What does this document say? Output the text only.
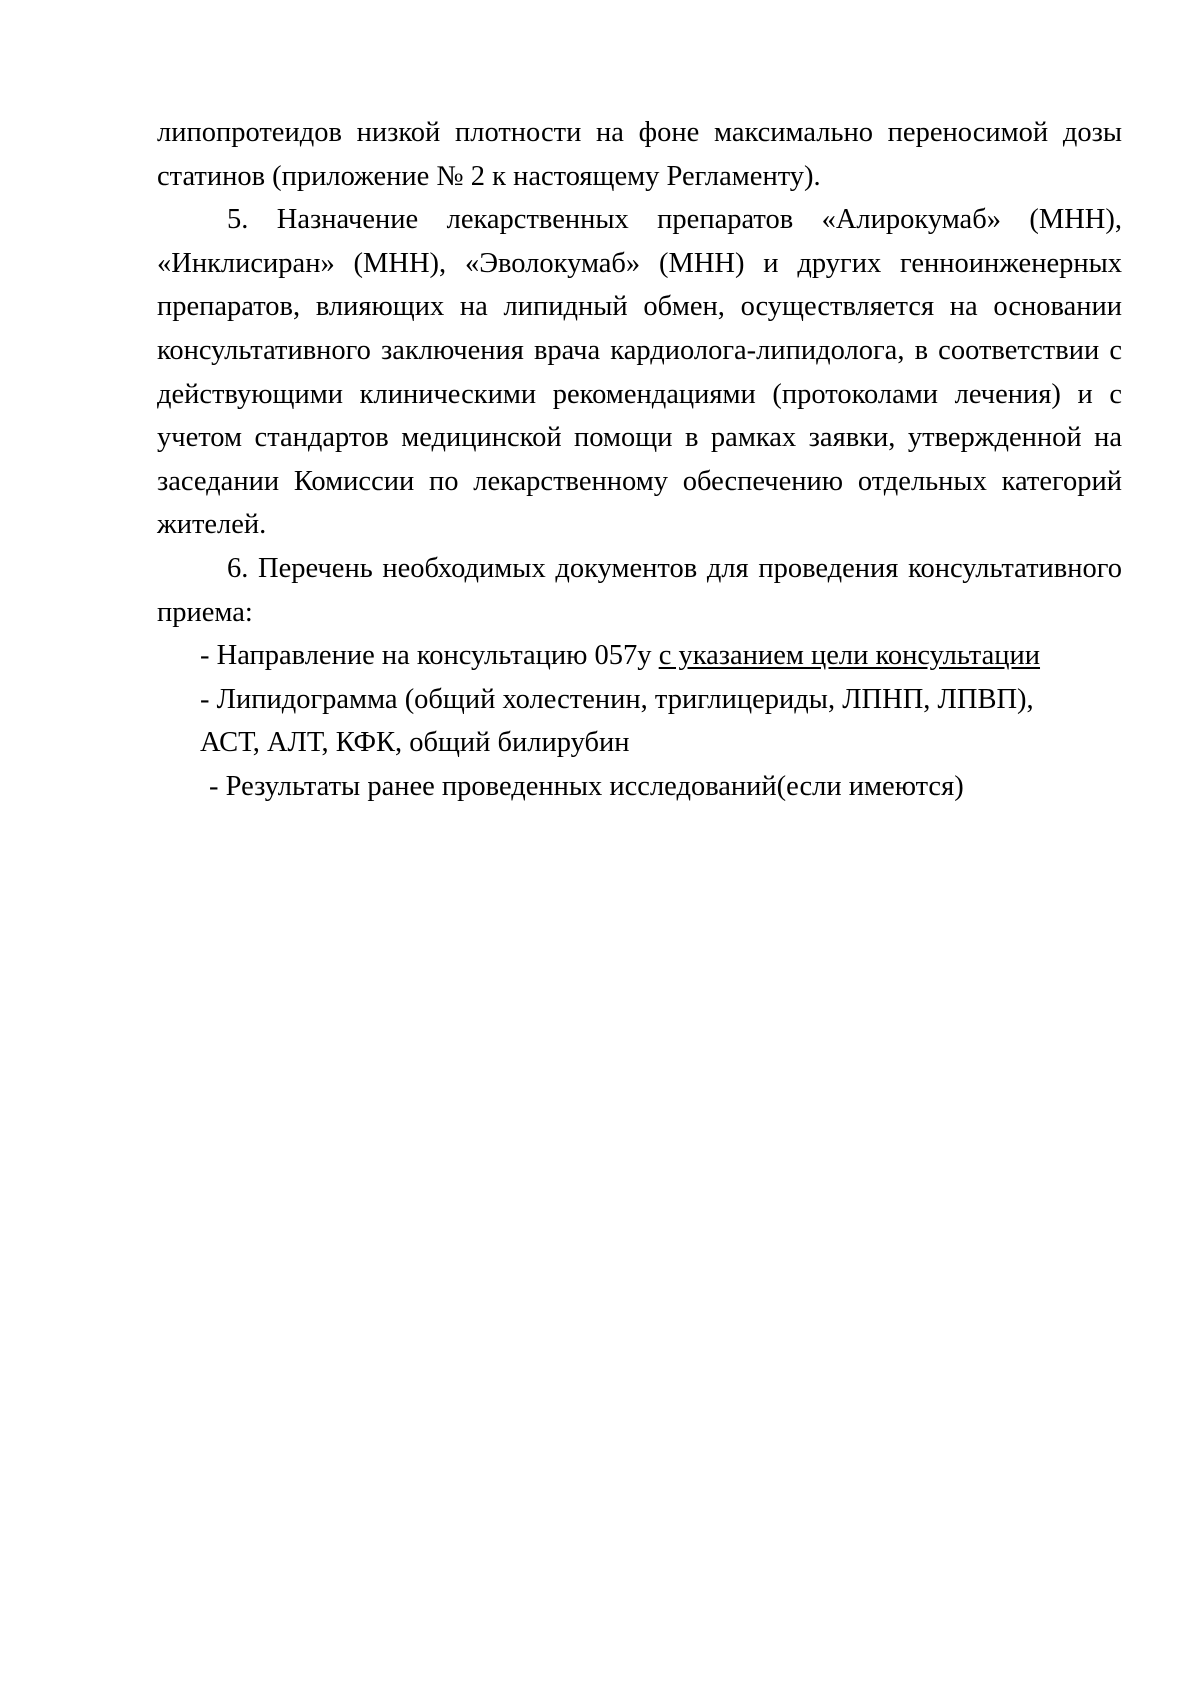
липопротеидов низкой плотности на фоне максимально переносимой дозы статинов (приложение № 2 к настоящему Регламенту).

5. Назначение лекарственных препаратов «Алирокумаб» (МНН), «Инклисиран» (МНН), «Эволокумаб» (МНН) и других генноинженерных препаратов, влияющих на липидный обмен, осуществляется на основании консультативного заключения врача кардиолога-липидолога, в соответствии с действующими клиническими рекомендациями (протоколами лечения) и с учетом стандартов медицинской помощи в рамках заявки, утвержденной на заседании Комиссии по лекарственному обеспечению отдельных категорий жителей.

6. Перечень необходимых документов для проведения консультативного приема:

- Направление на консультацию 057у с указанием цели консультации

- Липидограмма (общий холестенин, триглицериды, ЛПНП, ЛПВП),

АСТ, АЛТ, КФК, общий билирубин

- Результаты ранее проведенных исследований(если имеются)
